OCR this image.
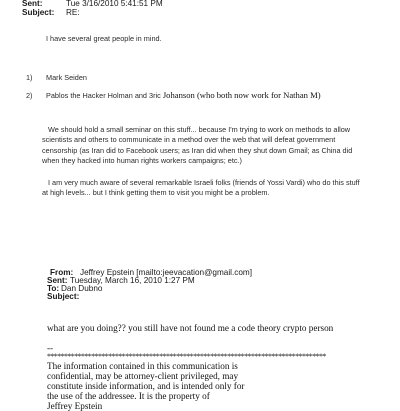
Sent:	Tue 3/16/2010 5:41:51 PM
Subject: RE:
I have several great people in mind.
1) Mark Seiden
2) Pablos the Hacker Holman and 3ric Johanson (who both now work for Nathan M)
We should hold a small seminar on this stuff... because I'm trying to work on methods to allow scientists and others to communicate in a method over the web that will defeat government censorship (as Iran did to Facebook users; as Iran did when they shut down Gmail; as China did when they hacked into human rights workers campaigns; etc.)
I am very much aware of several remarkable Israeli folks (friends of Yossi Vardi) who do this stuff at high levels... but I think getting them to visit you might be a problem.
From: Jeffrey Epstein [mailto:jeevacation@gmail.com]
Sent: Tuesday, March 16, 2010 1:27 PM
To: Dan Dubno
Subject:
what are you doing?? you still have not found me a code theory crypto person
--
**********************************************************************************
The information contained in this communication is
confidential, may be attorney-client privileged, may
constitute inside information, and is intended only for
the use of the addressee. It is the property of
Jeffrey Epstein
